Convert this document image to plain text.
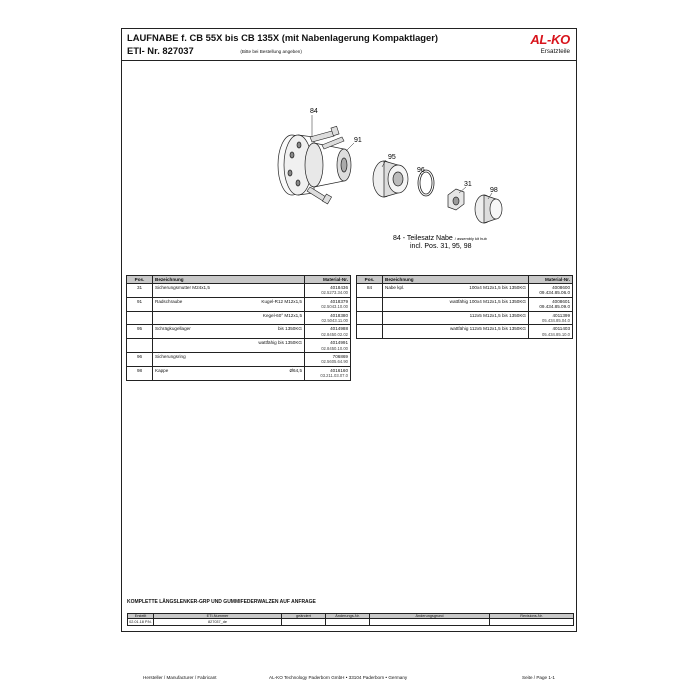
LAUFNABE f. CB 55X bis CB 135X (mit Nabenlagerung Kompaktlager)
ETI- Nr. 827037	(Bitte bei Bestellung angeben)
AL-KO
Ersatzteile
84
91
95
96
31
98
84 - Teilesatz Nabe / assembly kit hub
incl. Pos. 31, 95, 98
Pos.	Bezeichnung	Material-Nr.
31	Sicherungsmutter M24x1,5	4018436
02.5273.34.00

91	Radschraube Kugel-R12 M12x1,5	4018379
02.5043.10.00

	Kegel-60° M12x1,5	4018380
02.5043.11.00

95	Schrägkugellager bis 1350KG	4014988
02.8450.02.02

	wattfähig bis 1350KG	4014991
02.8450.10.00

96	Sicherungsring	706869
02.5605.64.90

98	Kappe Ø64,5	4016160
03.211.03.07.0
Pos.	Bezeichnung	Material-Nr.
84	Nabe kpl. 100x4 M12x1,5 bis 1350KG	4008600
09.434.85.06.0

	wattfähig 100x4 M12x1,5 bis 1350KG	4008601
09.434.85.09.0

	112x5 M12x1,5 bis 1350KG	4011399
05.434.85.04.0

	wattfähig 112x5 M12x1,5 bis 1350KG	4011403
05.434.85.10.0
KOMPLETTE LÄNGSLENKER-GRP UND GUMMIFEDERWALZEN AUF ANFRAGE
Erstellt	ETI-Nummer	geändert	Änderungs-Nr.	Änderungsgrund	Revisions-Nr.
02.01.18 P.N.	827037_de				
Hersteller / Manufacturer / Fabricant	AL-KO Technology Paderborn GmbH • 33104 Paderborn • Germany	Seite / Page 1-1
